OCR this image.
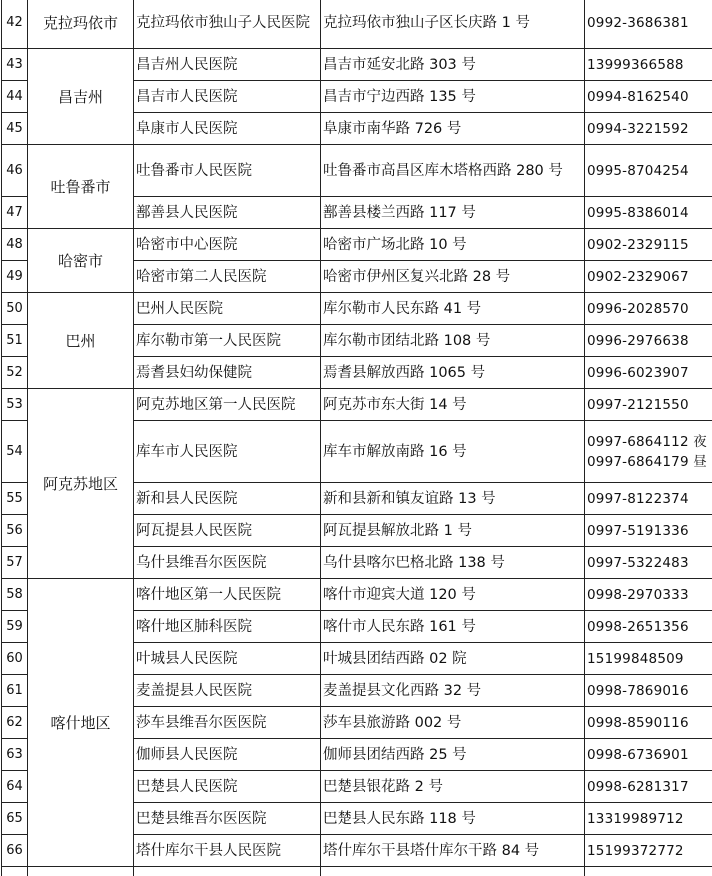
42	克拉玛依市	克拉玛依市独山子人民医院	克拉玛依市独山子区长庆路 1 号	0992-3686381

43	昌吉州	昌吉州人民医院	昌吉市延安北路 303 号	13999366588

44		昌吉市人民医院	昌吉市宁边西路 135 号	0994-8162540

45		阜康市人民医院	阜康市南华路 726 号	0994-3221592

46	吐鲁番市	吐鲁番市人民医院	吐鲁番市高昌区库木塔格西路 280 号	0995-8704254

47		鄯善县人民医院	鄯善县楼兰西路 117 号	0995-8386014

48	哈密市	哈密市中心医院	哈密市广场北路 10 号	0902-2329115

49		哈密市第二人民医院	哈密市伊州区复兴北路 28 号	0902-2329067

50	巴州	巴州人民医院	库尔勒市人民东路 41 号	0996-2028570

51		库尔勒市第一人民医院	库尔勒市团结北路 108 号	0996-2976638

52		焉耆县妇幼保健院	焉耆县解放西路 1065 号	0996-6023907

53	阿克苏地区	阿克苏地区第一人民医院	阿克苏市东大街 14 号	0997-2121550

54		库车市人民医院	库车市解放南路 16 号	0997-6864112 夜
0997-6864179 昼

55		新和县人民医院	新和县新和镇友谊路 13 号	0997-8122374

56		阿瓦提县人民医院	阿瓦提县解放北路 1 号	0997-5191336

57		乌什县维吾尔医医院	乌什县喀尔巴格北路 138 号	0997-5322483

58	喀什地区	喀什地区第一人民医院	喀什市迎宾大道 120 号	0998-2970333

59		喀什地区肺科医院	喀什市人民东路 161 号	0998-2651356

60		叶城县人民医院	叶城县团结西路 02 院	15199848509

61		麦盖提县人民医院	麦盖提县文化西路 32 号	0998-7869016

62		莎车县维吾尔医医院	莎车县旅游路 002 号	0998-8590116

63		伽师县人民医院	伽师县团结西路 25 号	0998-6736901

64		巴楚县人民医院	巴楚县银花路 2 号	0998-6281317

65		巴楚县维吾尔医医院	巴楚县人民东路 118 号	13319989712

66		塔什库尔干县人民医院	塔什库尔干县塔什库尔干路 84 号	15199372772
